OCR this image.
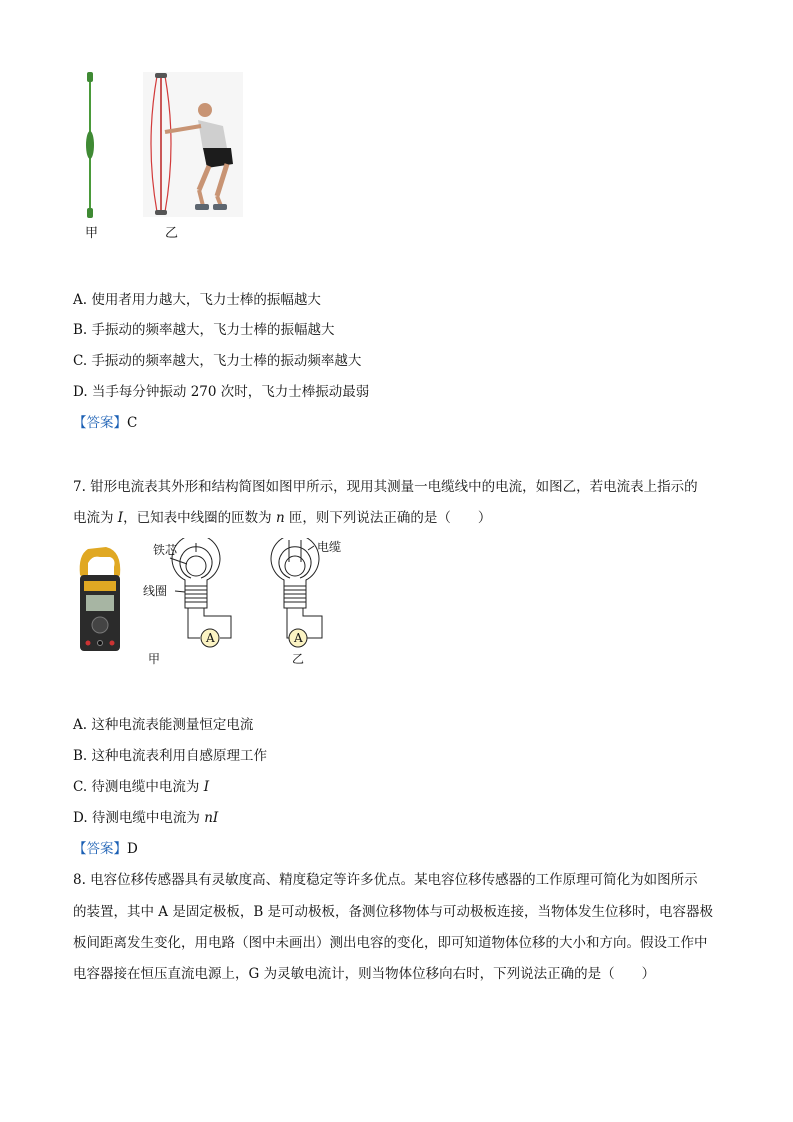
甲	乙
A. 使用者用力越大，飞力士棒的振幅越大
B. 手振动的频率越大，飞力士棒的振幅越大
C. 手振动的频率越大，飞力士棒的振动频率越大
D. 当手每分钟振动 270 次时，飞力士棒振动最弱
【答案】C
7. 钳形电流表其外形和结构简图如图甲所示，现用其测量一电缆线中的电流，如图乙，若电流表上指示的
电流为 I，已知表中线圈的匝数为 n 匝，则下列说法正确的是（　　）
铁芯
线圈
A
甲
电缆
A
乙
A. 这种电流表能测量恒定电流
B. 这种电流表利用自感原理工作
C. 待测电缆中电流为 I
D. 待测电缆中电流为 nI
【答案】D
8. 电容位移传感器具有灵敏度高、精度稳定等许多优点。某电容位移传感器的工作原理可简化为如图所示
的装置，其中 A 是固定极板，B 是可动极板，备测位移物体与可动极板连接，当物体发生位移时，电容器极
板间距离发生变化，用电路（图中未画出）测出电容的变化，即可知道物体位移的大小和方向。假设工作中
电容器接在恒压直流电源上，G 为灵敏电流计，则当物体位移向右时，下列说法正确的是（　　）
